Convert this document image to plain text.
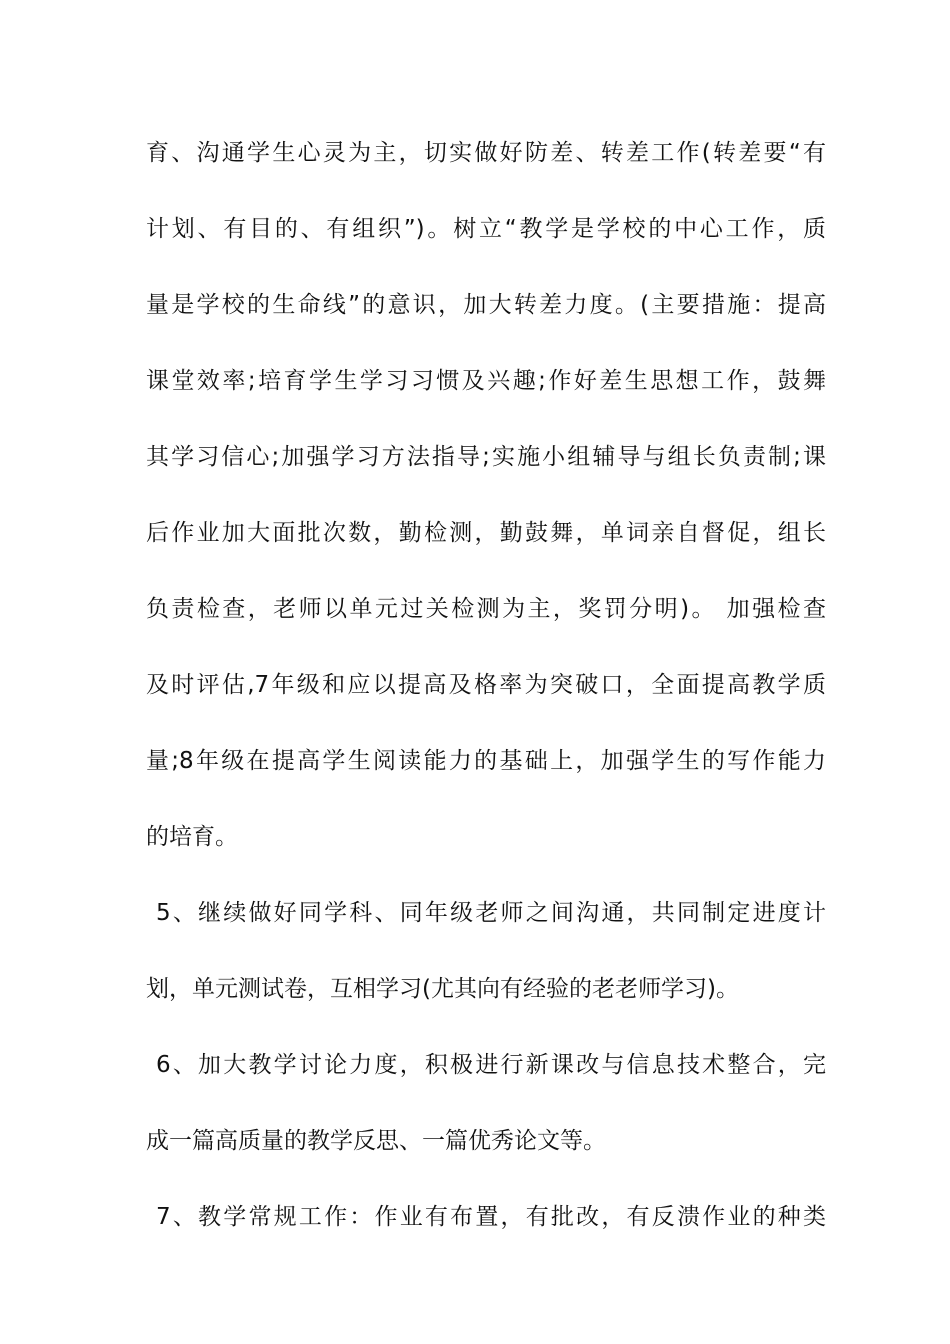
育、沟通学生心灵为主，切实做好防差、转差工作(转差要“有
计划、有目的、有组织”)。树立“教学是学校的中心工作，质
量是学校的生命线”的意识，加大转差力度。(主要措施：提高
课堂效率;培育学生学习习惯及兴趣;作好差生思想工作，鼓舞
其学习信心;加强学习方法指导;实施小组辅导与组长负责制;课
后作业加大面批次数，勤检测，勤鼓舞，单词亲自督促，组长
负责检查，老师以单元过关检测为主，奖罚分明)。 加强检查
及时评估,7年级和应以提高及格率为突破口，全面提高教学质
量;8年级在提高学生阅读能力的基础上，加强学生的写作能力
的培育。
5、继续做好同学科、同年级老师之间沟通，共同制定进度计
划，单元测试卷，互相学习(尤其向有经验的老老师学习)。
6、加大教学讨论力度，积极进行新课改与信息技术整合，完
成一篇高质量的教学反思、一篇优秀论文等。
7、教学常规工作：作业有布置，有批改，有反溃作业的种类
